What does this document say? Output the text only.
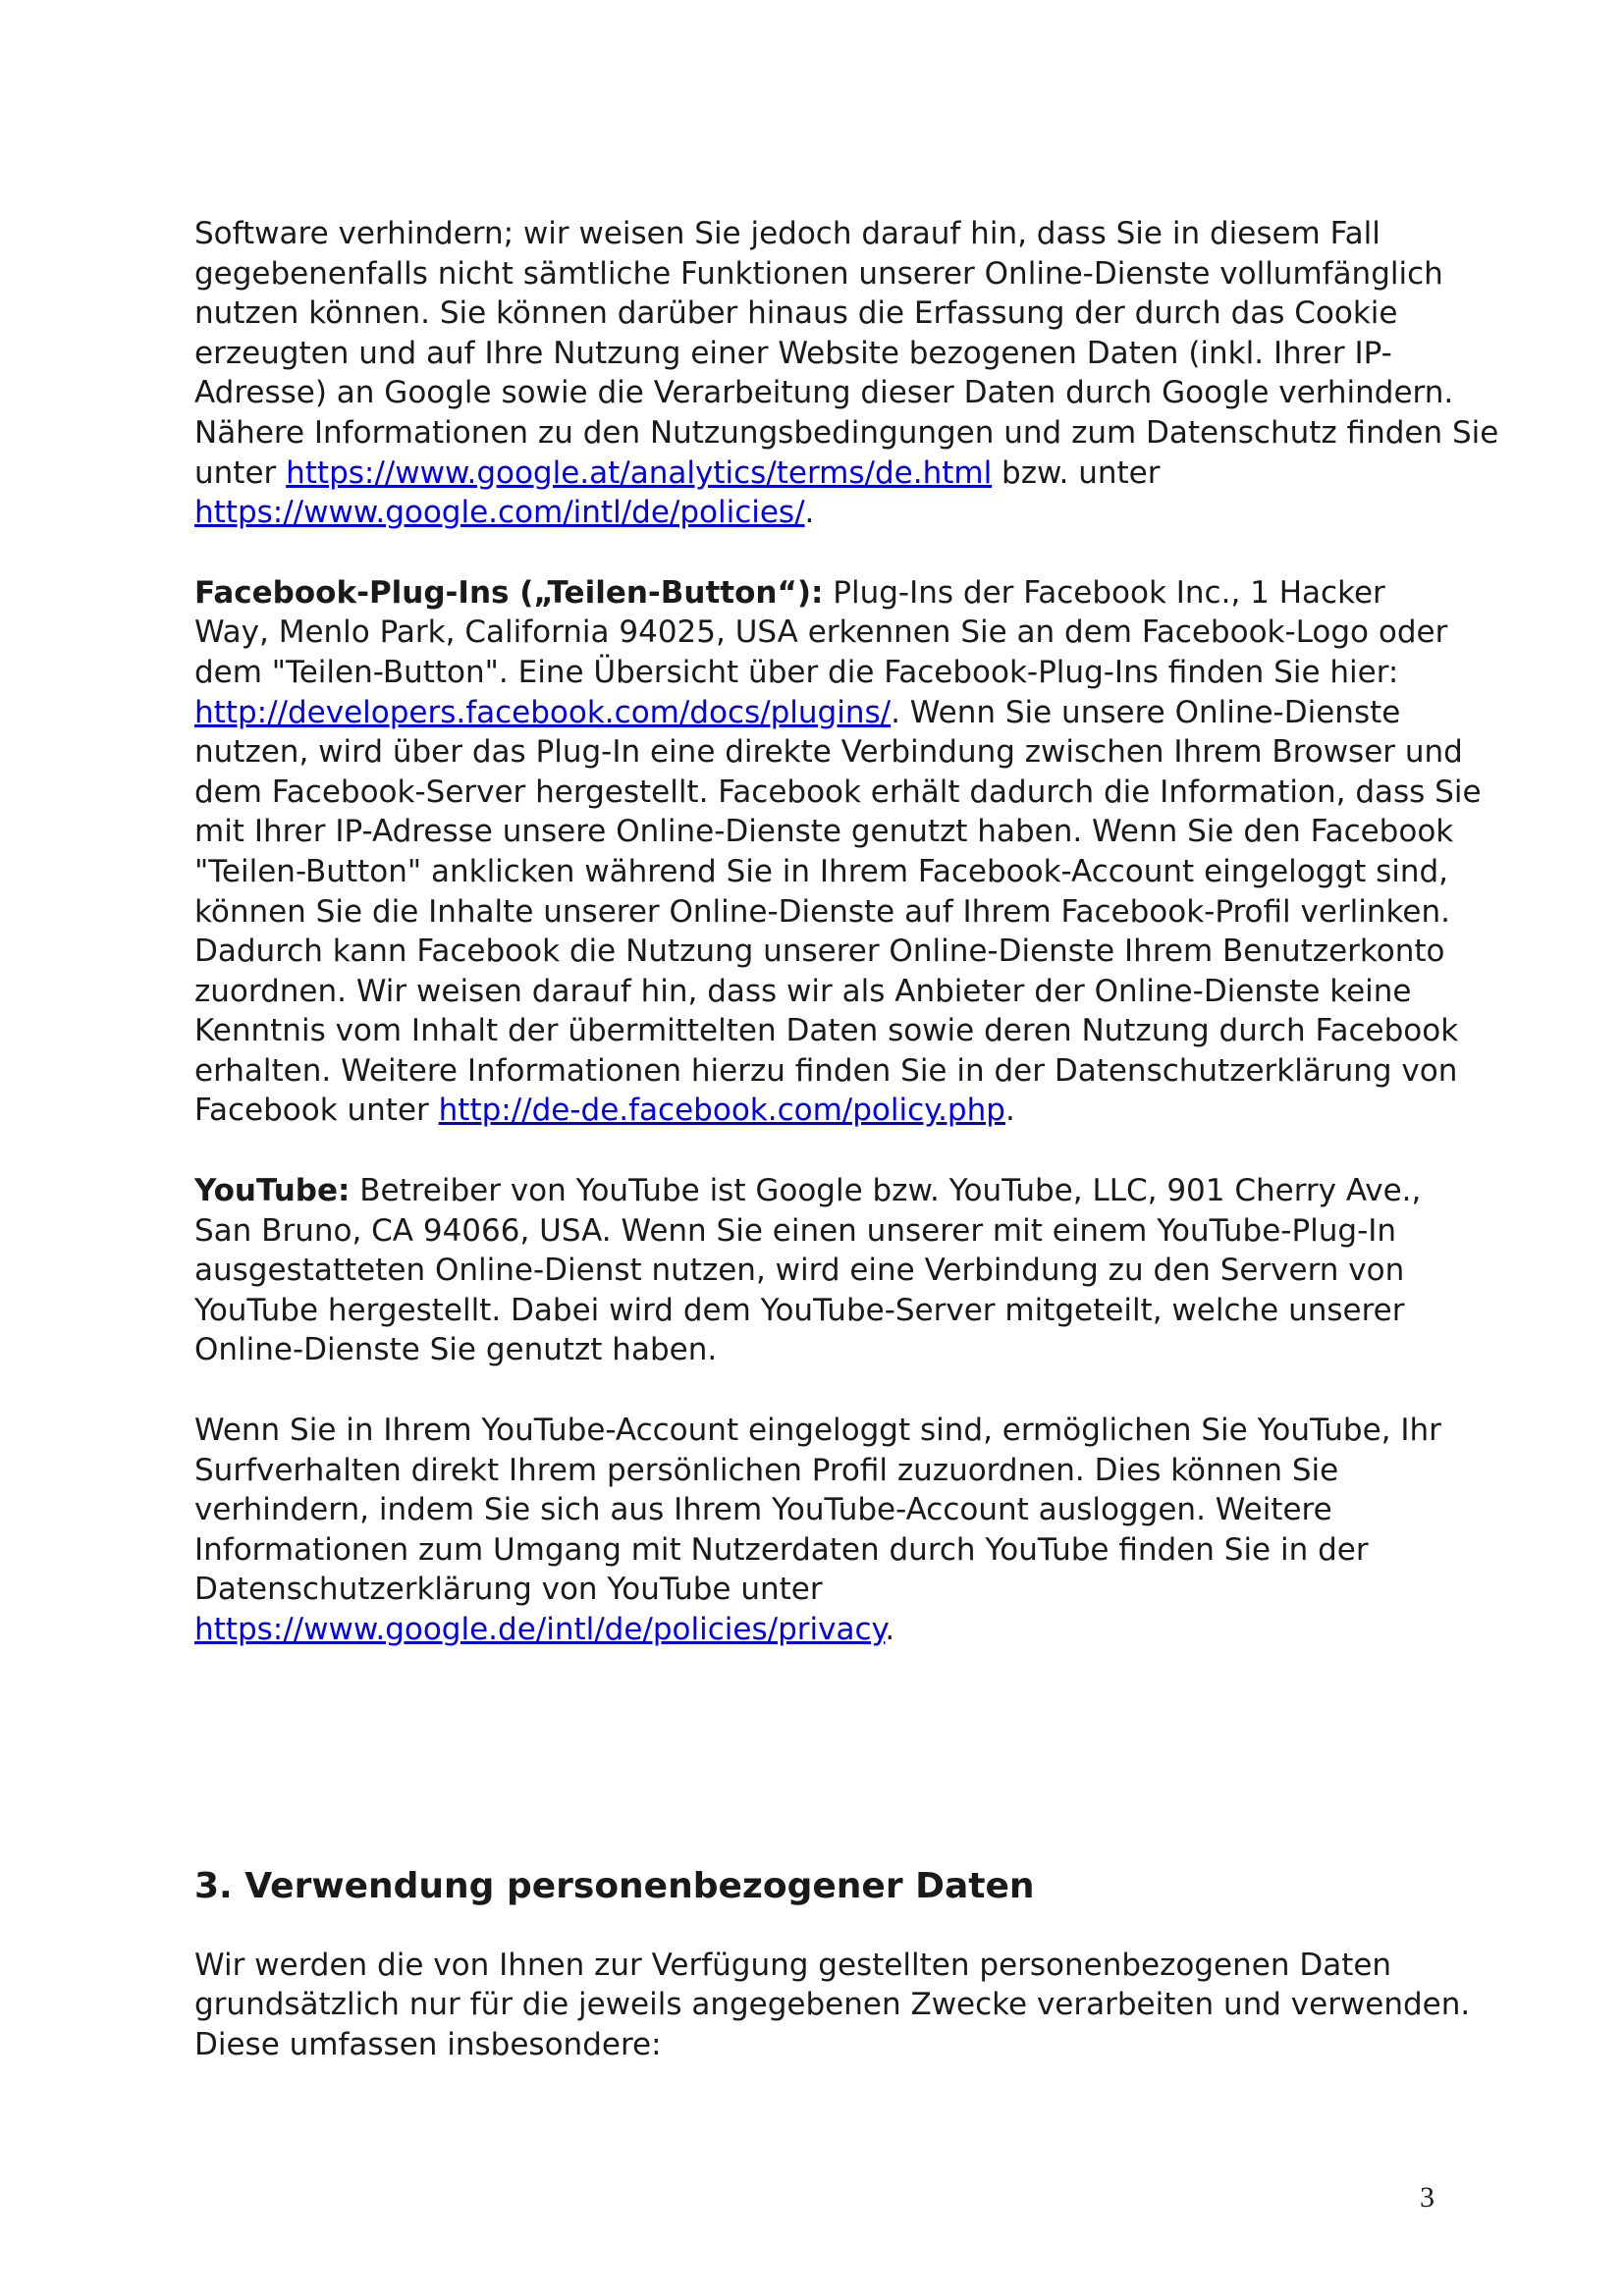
Software verhindern; wir weisen Sie jedoch darauf hin, dass Sie in diesem Fall
gegebenenfalls nicht sämtliche Funktionen unserer Online-Dienste vollumfänglich
nutzen können. Sie können darüber hinaus die Erfassung der durch das Cookie
erzeugten und auf Ihre Nutzung einer Website bezogenen Daten (inkl. Ihrer IP-
Adresse) an Google sowie die Verarbeitung dieser Daten durch Google verhindern.
Nähere Informationen zu den Nutzungsbedingungen und zum Datenschutz finden Sie
unter https://www.google.at/analytics/terms/de.html bzw. unter
https://www.google.com/intl/de/policies/.
Facebook-Plug-Ins („Teilen-Button“): Plug-Ins der Facebook Inc., 1 Hacker
Way, Menlo Park, California 94025, USA erkennen Sie an dem Facebook-Logo oder
dem "Teilen-Button". Eine Übersicht über die Facebook-Plug-Ins finden Sie hier:
http://developers.facebook.com/docs/plugins/. Wenn Sie unsere Online-Dienste
nutzen, wird über das Plug-In eine direkte Verbindung zwischen Ihrem Browser und
dem Facebook-Server hergestellt. Facebook erhält dadurch die Information, dass Sie
mit Ihrer IP-Adresse unsere Online-Dienste genutzt haben. Wenn Sie den Facebook
"Teilen-Button" anklicken während Sie in Ihrem Facebook-Account eingeloggt sind,
können Sie die Inhalte unserer Online-Dienste auf Ihrem Facebook-Profil verlinken.
Dadurch kann Facebook die Nutzung unserer Online-Dienste Ihrem Benutzerkonto
zuordnen. Wir weisen darauf hin, dass wir als Anbieter der Online-Dienste keine
Kenntnis vom Inhalt der übermittelten Daten sowie deren Nutzung durch Facebook
erhalten. Weitere Informationen hierzu finden Sie in der Datenschutzerklärung von
Facebook unter http://de-de.facebook.com/policy.php.
YouTube: Betreiber von YouTube ist Google bzw. YouTube, LLC, 901 Cherry Ave.,
San Bruno, CA 94066, USA. Wenn Sie einen unserer mit einem YouTube-Plug-In
ausgestatteten Online-Dienst nutzen, wird eine Verbindung zu den Servern von
YouTube hergestellt. Dabei wird dem YouTube-Server mitgeteilt, welche unserer
Online-Dienste Sie genutzt haben.
Wenn Sie in Ihrem YouTube-Account eingeloggt sind, ermöglichen Sie YouTube, Ihr
Surfverhalten direkt Ihrem persönlichen Profil zuzuordnen. Dies können Sie
verhindern, indem Sie sich aus Ihrem YouTube-Account ausloggen. Weitere
Informationen zum Umgang mit Nutzerdaten durch YouTube finden Sie in der
Datenschutzerklärung von YouTube unter
https://www.google.de/intl/de/policies/privacy.
3. Verwendung personenbezogener Daten
Wir werden die von Ihnen zur Verfügung gestellten personenbezogenen Daten
grundsätzlich nur für die jeweils angegebenen Zwecke verarbeiten und verwenden.
Diese umfassen insbesondere:
3
